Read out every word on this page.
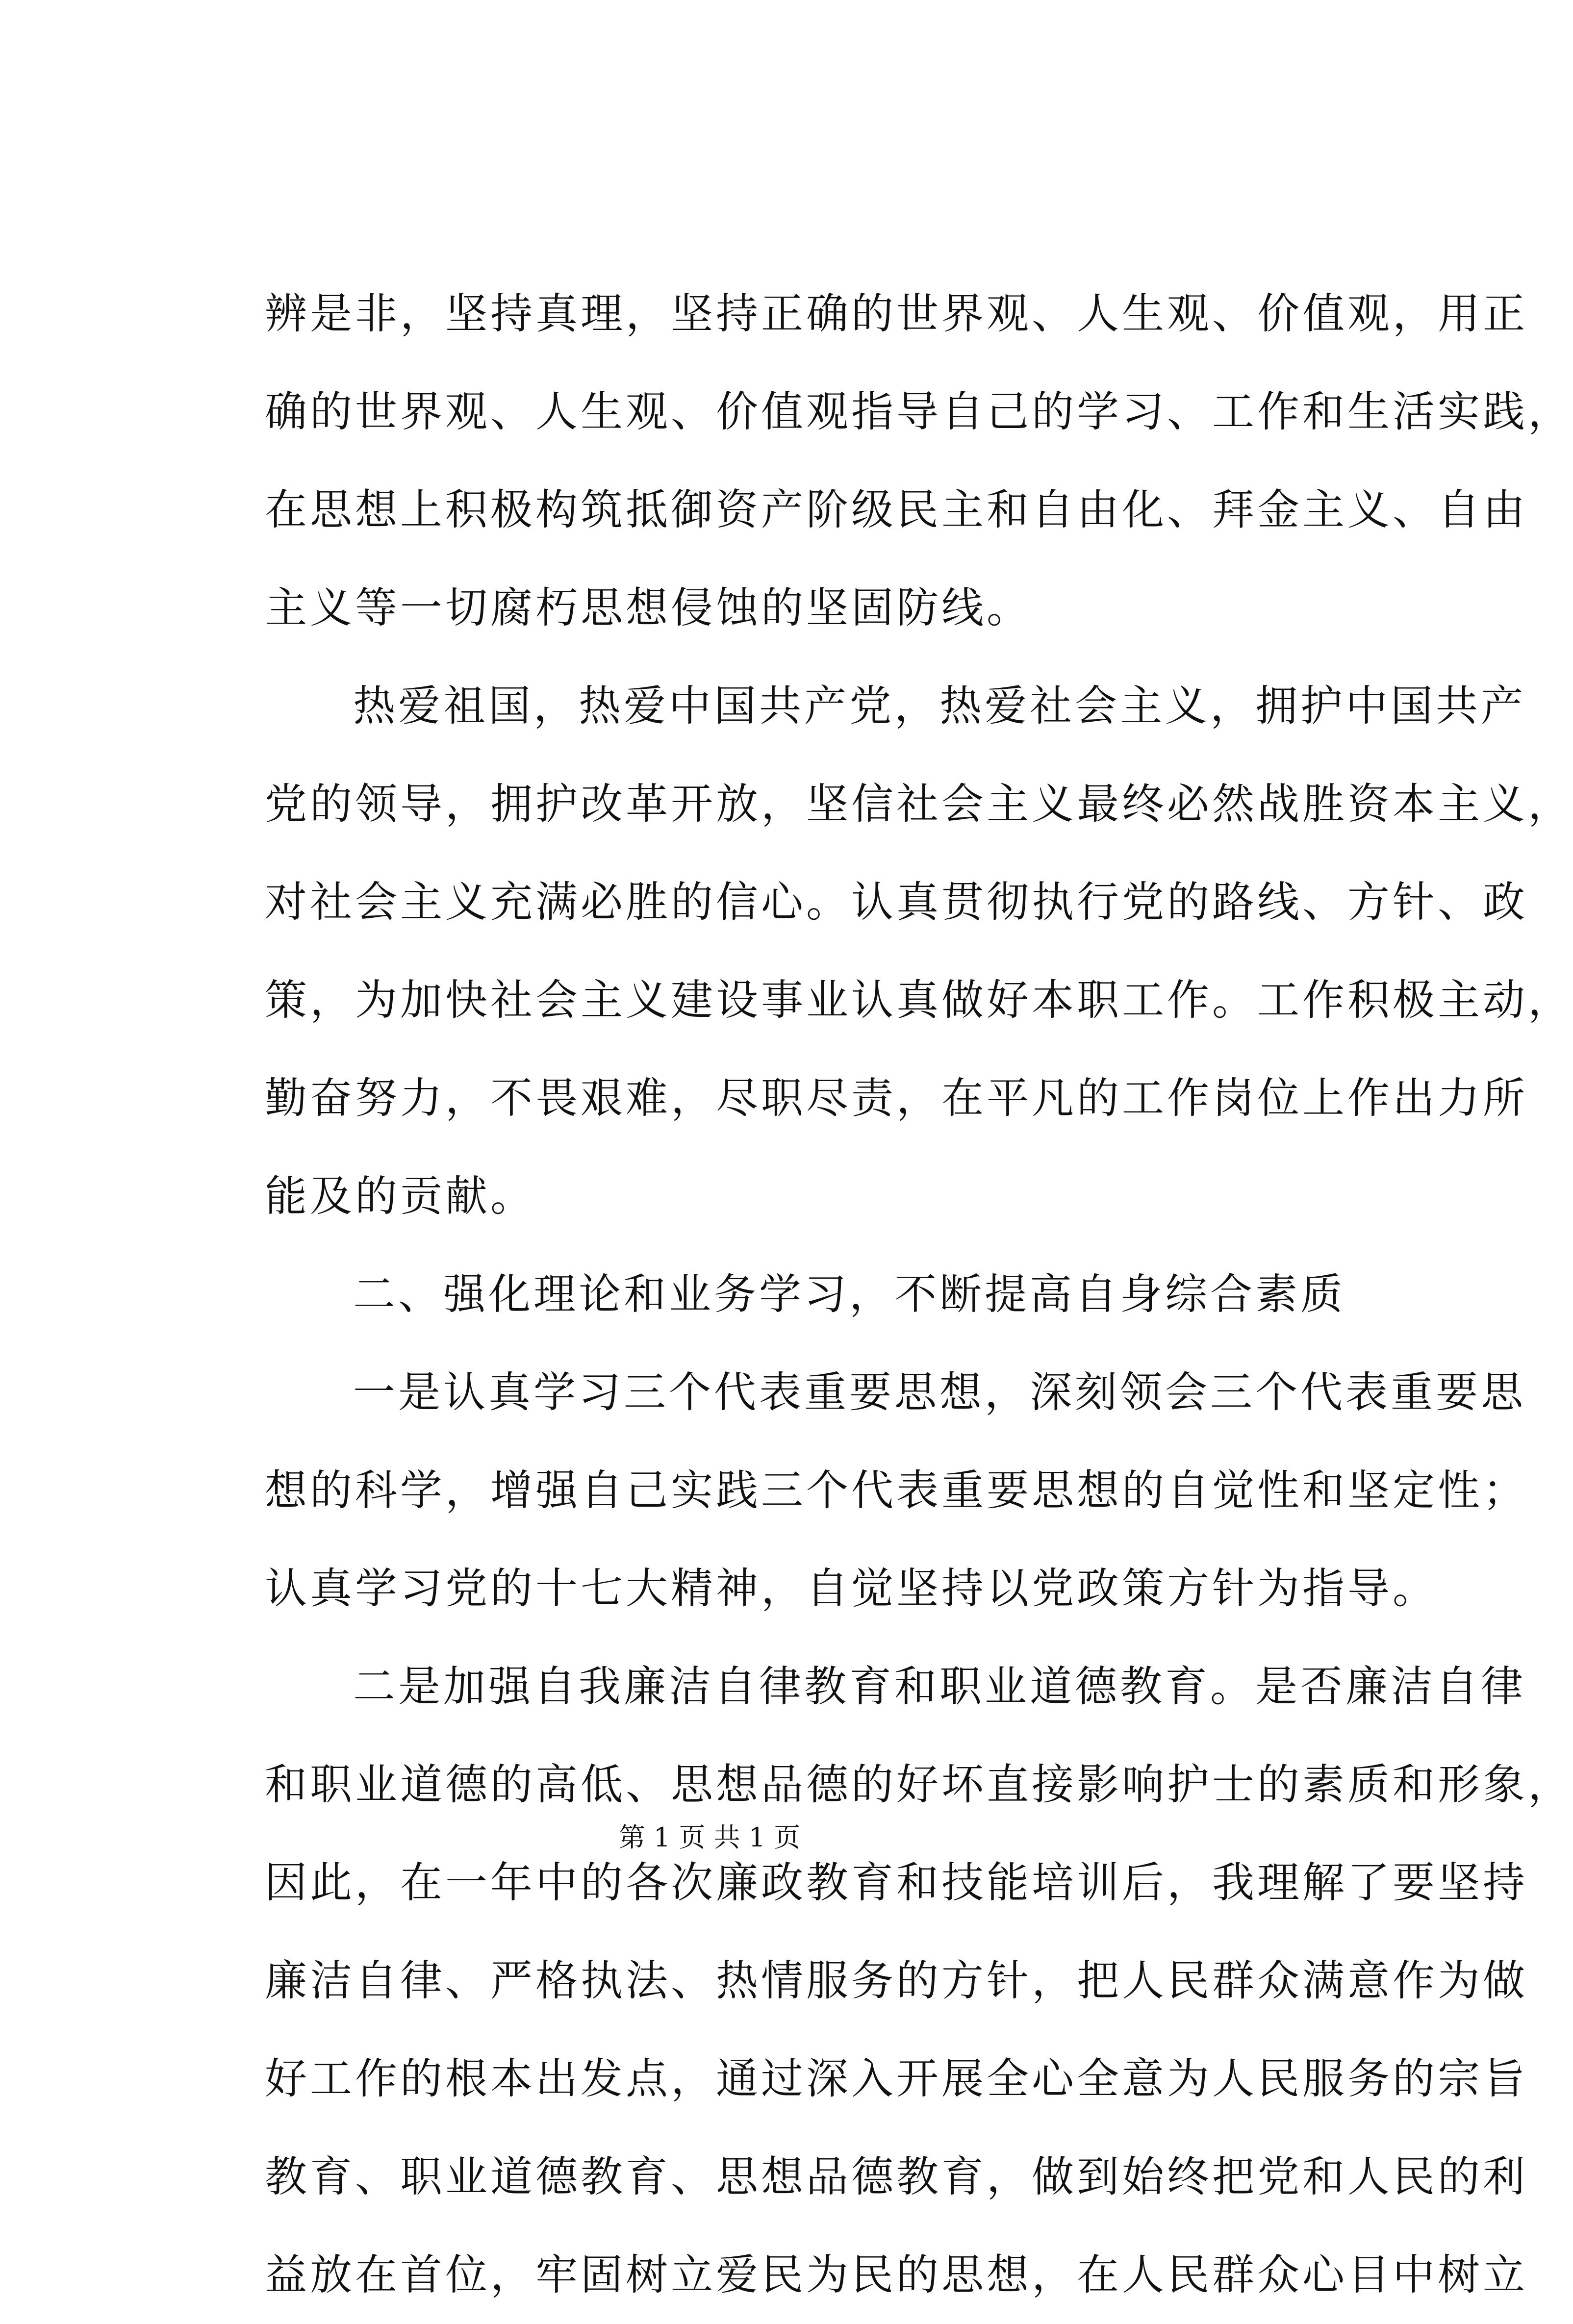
辨是非，坚持真理，坚持正确的世界观、人生观、价值观，用正
确的世界观、人生观、价值观指导自己的学习、工作和生活实践，
在思想上积极构筑抵御资产阶级民主和自由化、拜金主义、自由
主义等一切腐朽思想侵蚀的坚固防线。
热爱祖国，热爱中国共产党，热爱社会主义，拥护中国共产
党的领导，拥护改革开放，坚信社会主义最终必然战胜资本主义，
对社会主义充满必胜的信心。认真贯彻执行党的路线、方针、政
策，为加快社会主义建设事业认真做好本职工作。工作积极主动，
勤奋努力，不畏艰难，尽职尽责，在平凡的工作岗位上作出力所
能及的贡献。
二、强化理论和业务学习，不断提高自身综合素质
一是认真学习三个代表重要思想，深刻领会三个代表重要思
想的科学，增强自己实践三个代表重要思想的自觉性和坚定性；
认真学习党的十七大精神，自觉坚持以党政策方针为指导。
二是加强自我廉洁自律教育和职业道德教育。是否廉洁自律
和职业道德的高低、思想品德的好坏直接影响护士的素质和形象，
因此，在一年中的各次廉政教育和技能培训后，我理解了要坚持
廉洁自律、严格执法、热情服务的方针，把人民群众满意作为做
好工作的根本出发点，通过深入开展全心全意为人民服务的宗旨
教育、职业道德教育、思想品德教育，做到始终把党和人民的利
益放在首位，牢固树立爱民为民的思想，在人民群众心目中树立
第 1 页 共 1 页
